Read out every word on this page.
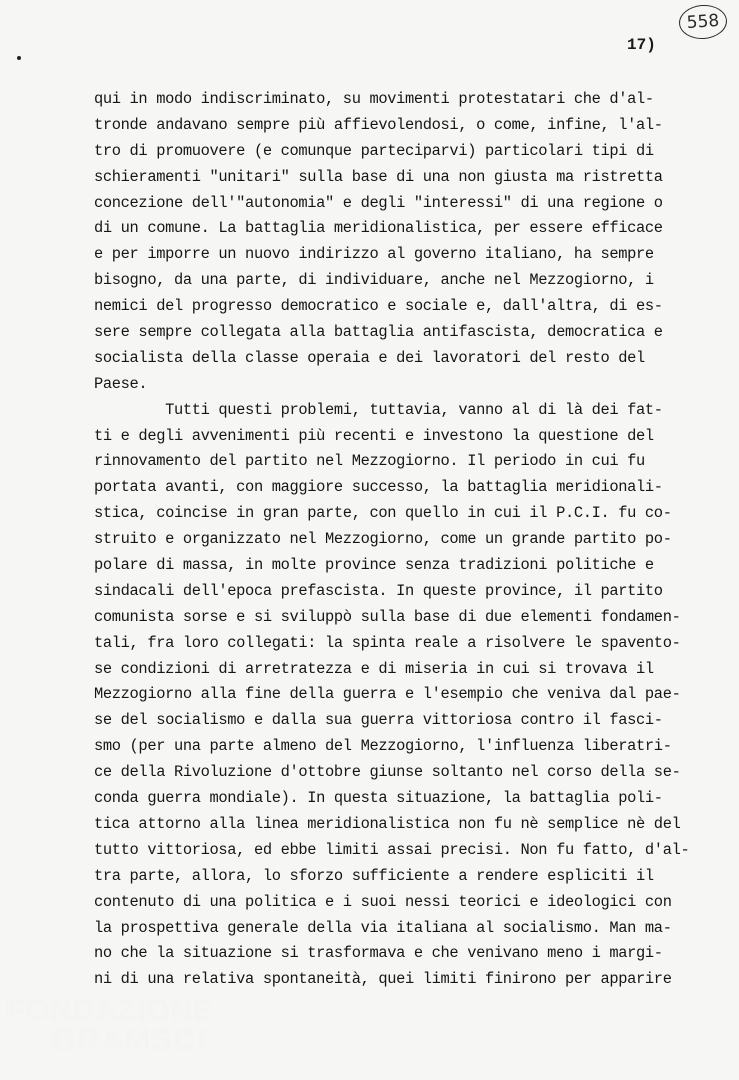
558
17)
qui in modo indiscriminato, su movimenti protestatari che d'al-
tronde andavano sempre più affievolendosi, o come, infine, l'al-
tro di promuovere (e comunque parteciparvi) particolari tipi di
schieramenti "unitari" sulla base di una non giusta ma ristretta
concezione dell'"autonomia" e degli "interessi" di una regione o
di un comune. La battaglia meridionalistica, per essere efficace
e per imporre un nuovo indirizzo al governo italiano, ha sempre
bisogno, da una parte, di individuare, anche nel Mezzogiorno, i
nemici del progresso democratico e sociale e, dall'altra, di es-
sere sempre collegata alla battaglia antifascista, democratica e
socialista della classe operaia e dei lavoratori del resto del
Paese.
Tutti questi problemi, tuttavia, vanno al di là dei fat-
ti e degli avvenimenti più recenti e investono la questione del
rinnovamento del partito nel Mezzogiorno. Il periodo in cui fu
portata avanti, con maggiore successo, la battaglia meridionali-
stica, coincise in gran parte, con quello in cui il P.C.I. fu co-
struito e organizzato nel Mezzogiorno, come un grande partito po-
polare di massa, in molte province senza tradizioni politiche e
sindacali dell'epoca prefascista. In queste province, il partito
comunista sorse e si sviluppò sulla base di due elementi fondamen-
tali, fra loro collegati: la spinta reale a risolvere le spavento-
se condizioni di arretratezza e di miseria in cui si trovava il
Mezzogiorno alla fine della guerra e l'esempio che veniva dal pae-
se del socialismo e dalla sua guerra vittoriosa contro il fasci-
smo (per una parte almeno del Mezzogiorno, l'influenza liberatri-
ce della Rivoluzione d'ottobre giunse soltanto nel corso della se-
conda guerra mondiale). In questa situazione, la battaglia poli-
tica attorno alla linea meridionalistica non fu nè semplice nè del
tutto vittoriosa, ed ebbe limiti assai precisi. Non fu fatto, d'al-
tra parte, allora, lo sforzo sufficiente a rendere espliciti il
contenuto di una politica e i suoi nessi teorici e ideologici con
la prospettiva generale della via italiana al socialismo. Man ma-
no che la situazione si trasformava e che venivano meno i margi-
ni di una relativa spontaneità, quei limiti finirono per apparire
FONDAZIONE
GRAMSCI
